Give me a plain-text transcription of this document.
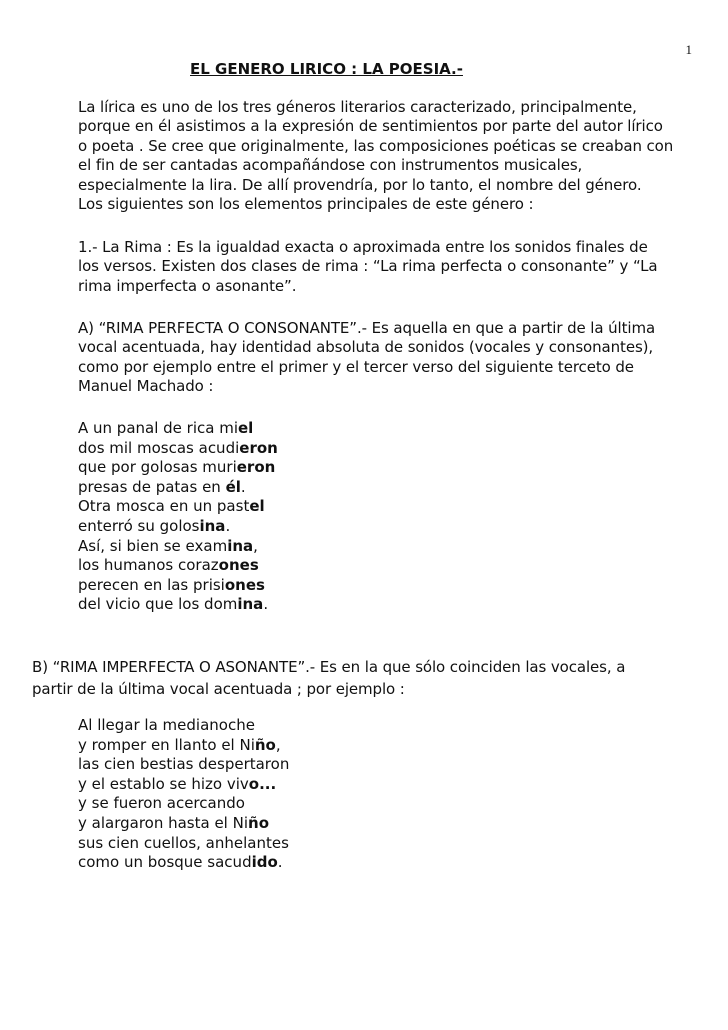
1
EL GENERO LIRICO : LA POESIA.-
La lírica es uno de los tres géneros literarios caracterizado, principalmente,
porque en él asistimos a la expresión de sentimientos por parte del autor lírico
o poeta . Se cree que originalmente, las composiciones poéticas se creaban con
el fin de ser cantadas acompañándose con instrumentos musicales,
especialmente la lira. De allí provendría, por lo tanto, el nombre del género.
Los siguientes son los elementos principales de este género :
1.- La Rima : Es la igualdad exacta o aproximada entre los sonidos finales de
los versos. Existen dos clases de rima : “La rima perfecta o consonante” y “La
rima imperfecta o asonante”.
A) “RIMA PERFECTA O CONSONANTE”.- Es aquella en que a partir de la última
vocal acentuada, hay identidad absoluta de sonidos (vocales y consonantes),
como por ejemplo entre el primer y el tercer verso del siguiente terceto de
Manuel Machado :
A un panal de rica miel
dos mil moscas acudieron
que por golosas murieron
presas de patas en él.
Otra mosca en un pastel
enterró su golosina.
Así, si bien se examina,
los humanos corazones
perecen en las prisiones
del vicio que los domina.
B) “RIMA IMPERFECTA O ASONANTE”.- Es en la que sólo coinciden las vocales, a
partir de la última vocal acentuada ; por ejemplo :
Al llegar la medianoche
y romper en llanto el Niño,
las cien bestias despertaron
y el establo se hizo vivo...
y se fueron acercando
y alargaron hasta el Niño
sus cien cuellos, anhelantes
como un bosque sacudido.
